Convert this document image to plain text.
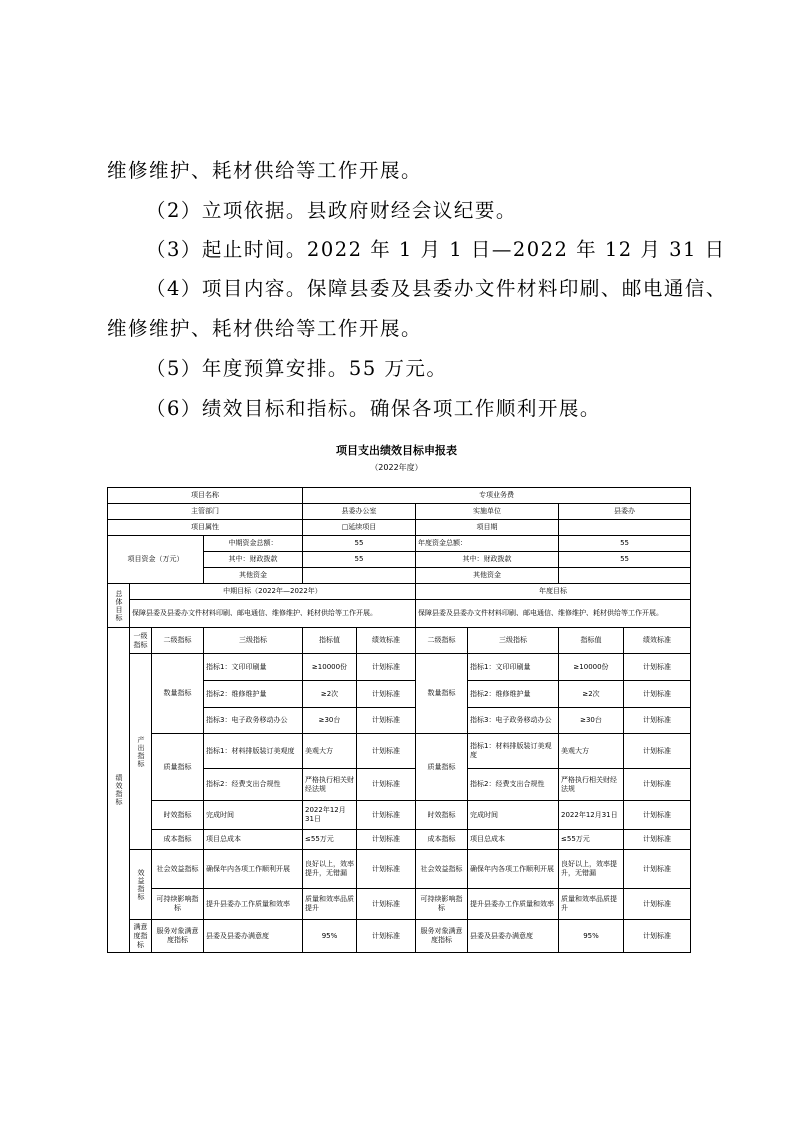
维修维护、耗材供给等工作开展。
（2）立项依据。县政府财经会议纪要。
（3）起止时间。2022 年 1 月 1 日—2022 年 12 月 31 日
（4）项目内容。保障县委及县委办文件材料印刷、邮电通信、
维修维护、耗材供给等工作开展。
（5）年度预算安排。55 万元。
（6）绩效目标和指标。确保各项工作顺利开展。
项目支出绩效目标申报表
（2022年度）
项目名称				专项业务费					
主管部门				县委办公室		实施单位		县委办	
项目属性				□延续项目		项目期			
项目资金（万元）			中期资金总额：	55		年度资金总额：		55	
			其中：财政拨款	55		其中：财政拨款		55	
			其他资金			其他资金			
总体目标	中期目标（2022年—2022年）					年度目标			
	保障县委及县委办文件材料印刷、邮电通信、维修维护、耗材供给等工作开展。					保障县委及县委办文件材料印刷、邮电通信、维修维护、耗材供给等工作开展。			
绩效指标	一级指标	二级指标	三级指标	指标值	绩效标准	二级指标	三级指标	指标值	绩效标准
	产出指标	数量指标	指标1：文印印刷量	≥10000份	计划标准	数量指标	指标1：文印印刷量	≥10000份	计划标准
			指标2：维修维护量	≥2次	计划标准		指标2：维修维护量	≥2次	计划标准
			指标3：电子政务移动办公	≥30台	计划标准		指标3：电子政务移动办公	≥30台	计划标准
		质量指标	指标1：材料排版装订美观度	美观大方	计划标准	质量指标	指标1：材料排版装订美观度	美观大方	计划标准
			指标2：经费支出合规性	严格执行相关财经法规	计划标准		指标2：经费支出合规性	严格执行相关财经法规	计划标准
		时效指标	完成时间	2022年12月31日	计划标准	时效指标	完成时间	2022年12月31日	计划标准
		成本指标	项目总成本	≤55万元	计划标准	成本指标	项目总成本	≤55万元	计划标准
	效益指标	社会效益指标	确保年内各项工作顺利开展	良好以上，效率提升，无错漏	计划标准	社会效益指标	确保年内各项工作顺利开展	良好以上，效率提升，无错漏	计划标准
		可持续影响指标	提升县委办工作质量和效率	质量和效率品质提升	计划标准	可持续影响指标	提升县委办工作质量和效率	质量和效率品质提升	计划标准
	满意度指标	服务对象满意度指标	县委及县委办满意度	95%	计划标准	服务对象满意度指标	县委及县委办满意度	95%	计划标准
